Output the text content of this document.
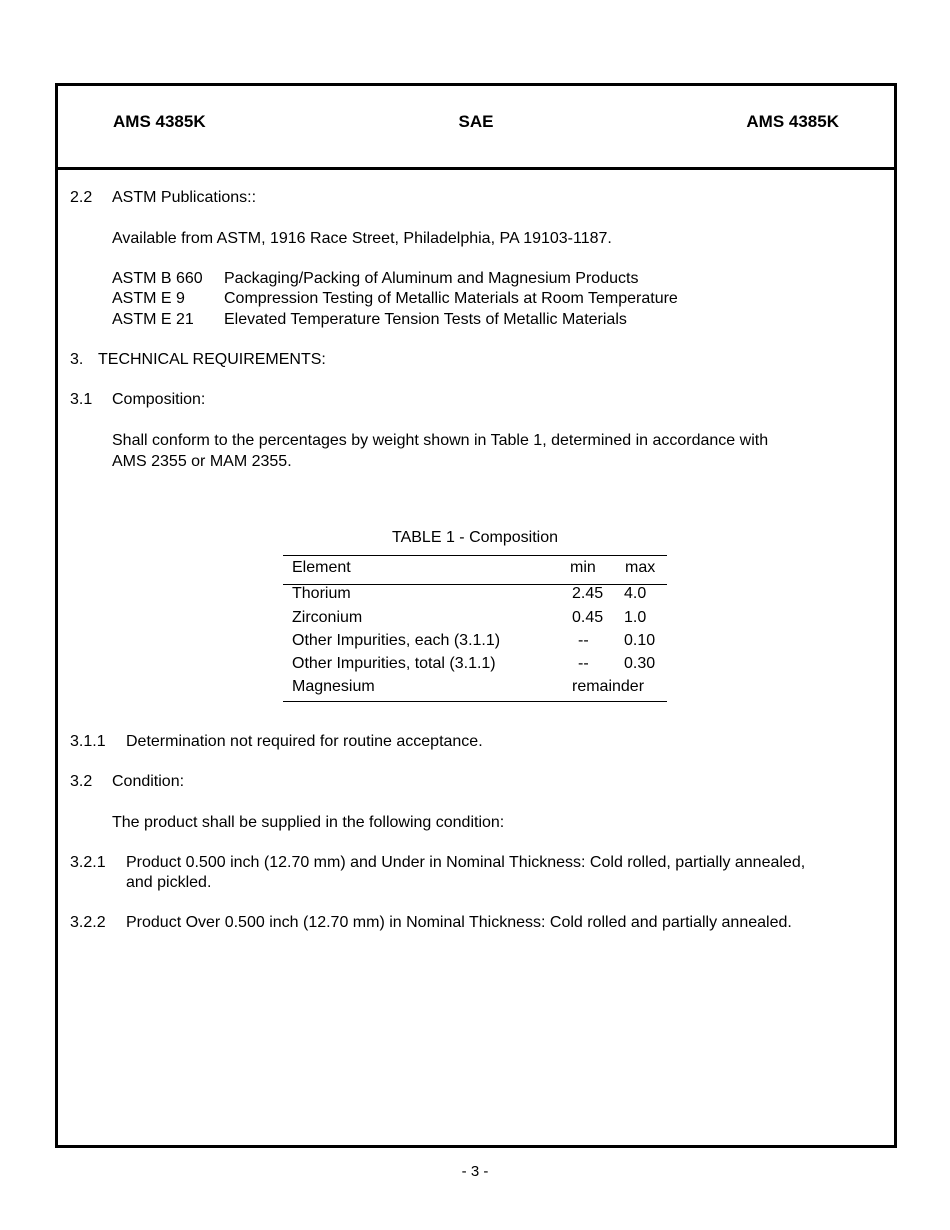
AMS 4385K	SAE	AMS 4385K
2.2 ASTM Publications::
Available from ASTM, 1916 Race Street, Philadelphia, PA 19103-1187.
ASTM B 660 Packaging/Packing of Aluminum and Magnesium Products
ASTM E 9 Compression Testing of Metallic Materials at Room Temperature
ASTM E 21 Elevated Temperature Tension Tests of Metallic Materials
3. TECHNICAL REQUIREMENTS:
3.1 Composition:
Shall conform to the percentages by weight shown in Table 1, determined in accordance with
AMS 2355 or MAM 2355.
TABLE 1 - Composition
Element	min max
Thorium	2.45 4.0
Zirconium	0.45 1.0
Other Impurities, each (3.1.1)	-- 0.10
Other Impurities, total (3.1.1)	-- 0.30
Magnesium	remainder
3.1.1 Determination not required for routine acceptance.
3.2 Condition:
The product shall be supplied in the following condition:
3.2.1 Product 0.500 inch (12.70 mm) and Under in Nominal Thickness: Cold rolled, partially annealed,
and pickled.
3.2.2 Product Over 0.500 inch (12.70 mm) in Nominal Thickness: Cold rolled and partially annealed.
- 3 -
